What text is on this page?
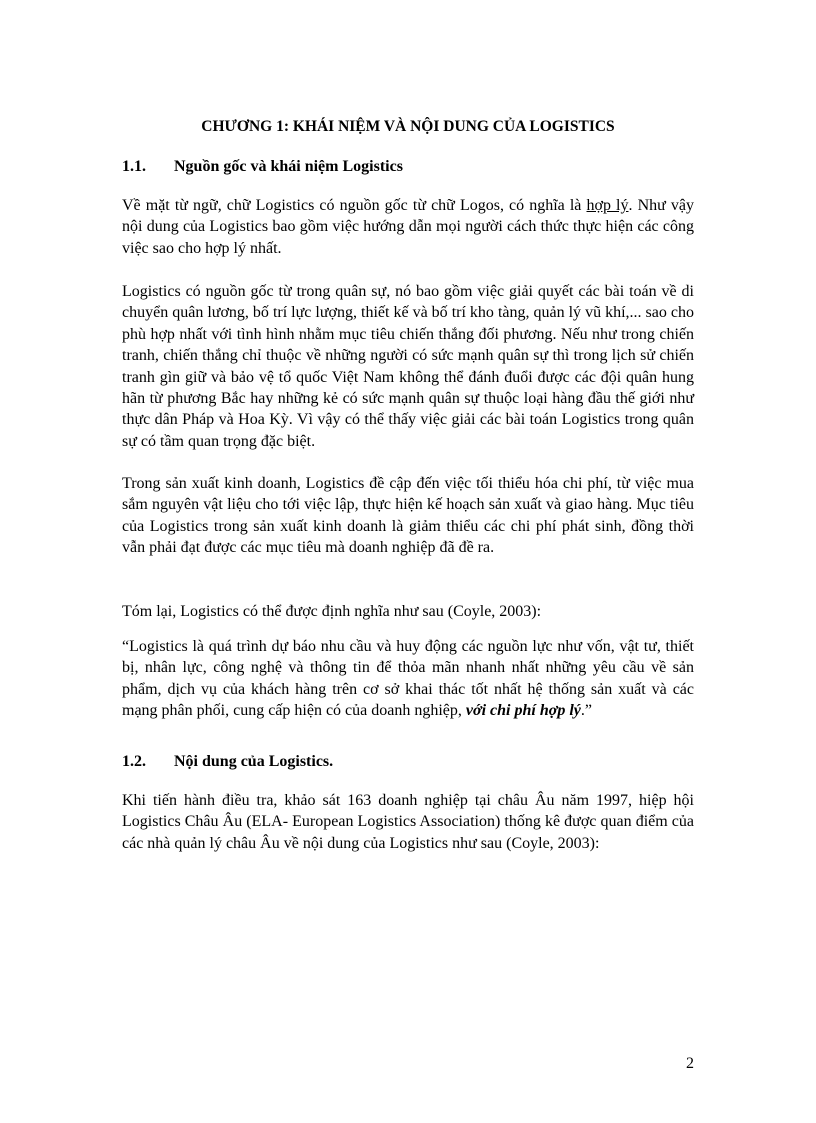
CHƯƠNG 1: KHÁI NIỆM VÀ NỘI DUNG CỦA LOGISTICS
1.1. Nguồn gốc và khái niệm Logistics

Về mặt từ ngữ, chữ Logistics có nguồn gốc từ chữ Logos, có nghĩa là hợp lý. Như vậy nội dung của Logistics bao gồm việc hướng dẫn mọi người cách thức thực hiện các công việc sao cho hợp lý nhất.

Logistics có nguồn gốc từ trong quân sự, nó bao gồm việc giải quyết các bài toán về di chuyển quân lương, bố trí lực lượng, thiết kế và bố trí kho tàng, quản lý vũ khí,... sao cho phù hợp nhất với tình hình nhằm mục tiêu chiến thắng đối phương. Nếu như trong chiến tranh, chiến thắng chỉ thuộc về những người có sức mạnh quân sự thì trong lịch sử chiến tranh gìn giữ và bảo vệ tổ quốc Việt Nam không thể đánh đuổi được các đội quân hung hãn từ phương Bắc hay những kẻ có sức mạnh quân sự thuộc loại hàng đầu thế giới như thực dân Pháp và Hoa Kỳ. Vì vậy có thể thấy việc giải các bài toán Logistics trong quân sự có tầm quan trọng đặc biệt.

Trong sản xuất kinh doanh, Logistics đề cập đến việc tối thiểu hóa chi phí, từ việc mua sắm nguyên vật liệu cho tới việc lập, thực hiện kế hoạch sản xuất và giao hàng. Mục tiêu của Logistics trong sản xuất kinh doanh là giảm thiểu các chi phí phát sinh, đồng thời vẫn phải đạt được các mục tiêu mà doanh nghiệp đã đề ra.

Tóm lại, Logistics có thể được định nghĩa như sau (Coyle, 2003):

“Logistics là quá trình dự báo nhu cầu và huy động các nguồn lực như vốn, vật tư, thiết bị, nhân lực, công nghệ và thông tin để thỏa mãn nhanh nhất những yêu cầu về sản phẩm, dịch vụ của khách hàng trên cơ sở khai thác tốt nhất hệ thống sản xuất và các mạng phân phối, cung cấp hiện có của doanh nghiệp, với chi phí hợp lý.”

1.2. Nội dung của Logistics.

Khi tiến hành điều tra, khảo sát 163 doanh nghiệp tại châu Âu năm 1997, hiệp hội Logistics Châu Âu (ELA- European Logistics Association) thống kê được quan điểm của các nhà quản lý châu Âu về nội dung của Logistics như sau (Coyle, 2003):

2
